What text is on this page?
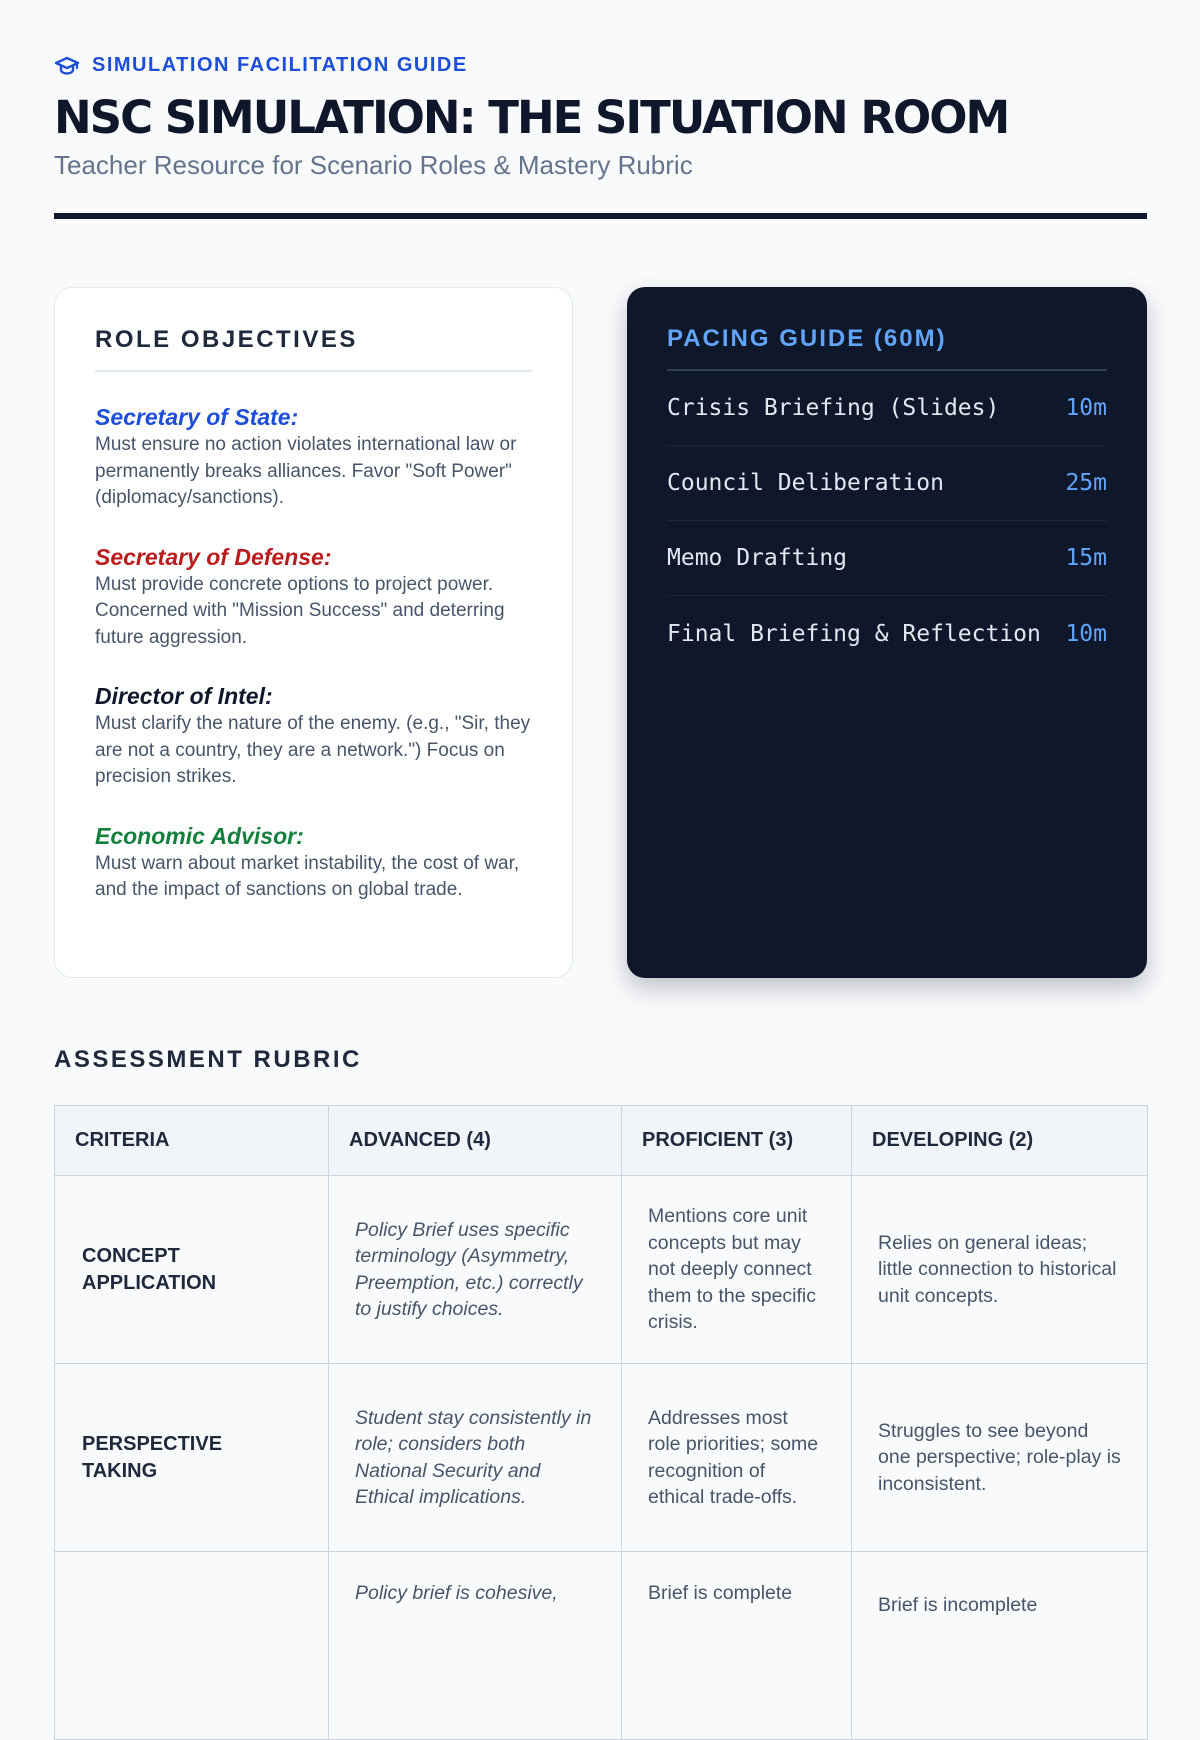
SIMULATION FACILITATION GUIDE
NSC SIMULATION: THE SITUATION ROOM
Teacher Resource for Scenario Roles & Mastery Rubric
ROLE OBJECTIVES
Secretary of State:
Must ensure no action violates international law or permanently breaks alliances. Favor "Soft Power" (diplomacy/sanctions).
Secretary of Defense:
Must provide concrete options to project power. Concerned with "Mission Success" and deterring future aggression.
Director of Intel:
Must clarify the nature of the enemy. (e.g., "Sir, they are not a country, they are a network.") Focus on precision strikes.
Economic Advisor:
Must warn about market instability, the cost of war, and the impact of sanctions on global trade.
PACING GUIDE (60M)
Crisis Briefing (Slides)	10m
Council Deliberation	25m
Memo Drafting	15m
Final Briefing & Reflection 10m
ASSESSMENT RUBRIC
CRITERIA	ADVANCED (4)	PROFICIENT (3)	DEVELOPING (2)
CONCEPT APPLICATION	Policy Brief uses specific terminology (Asymmetry, Preemption, etc.) correctly to justify choices.	Mentions core unit concepts but may not deeply connect them to the specific crisis.	Relies on general ideas; little connection to historical unit concepts.
PERSPECTIVE TAKING	Student stay consistently in role; considers both National Security and Ethical implications.	Addresses most role priorities; some recognition of ethical trade-offs.	Struggles to see beyond one perspective; role-play is inconsistent.
	Policy brief is cohesive,	Brief is complete	Brief is incomplete
